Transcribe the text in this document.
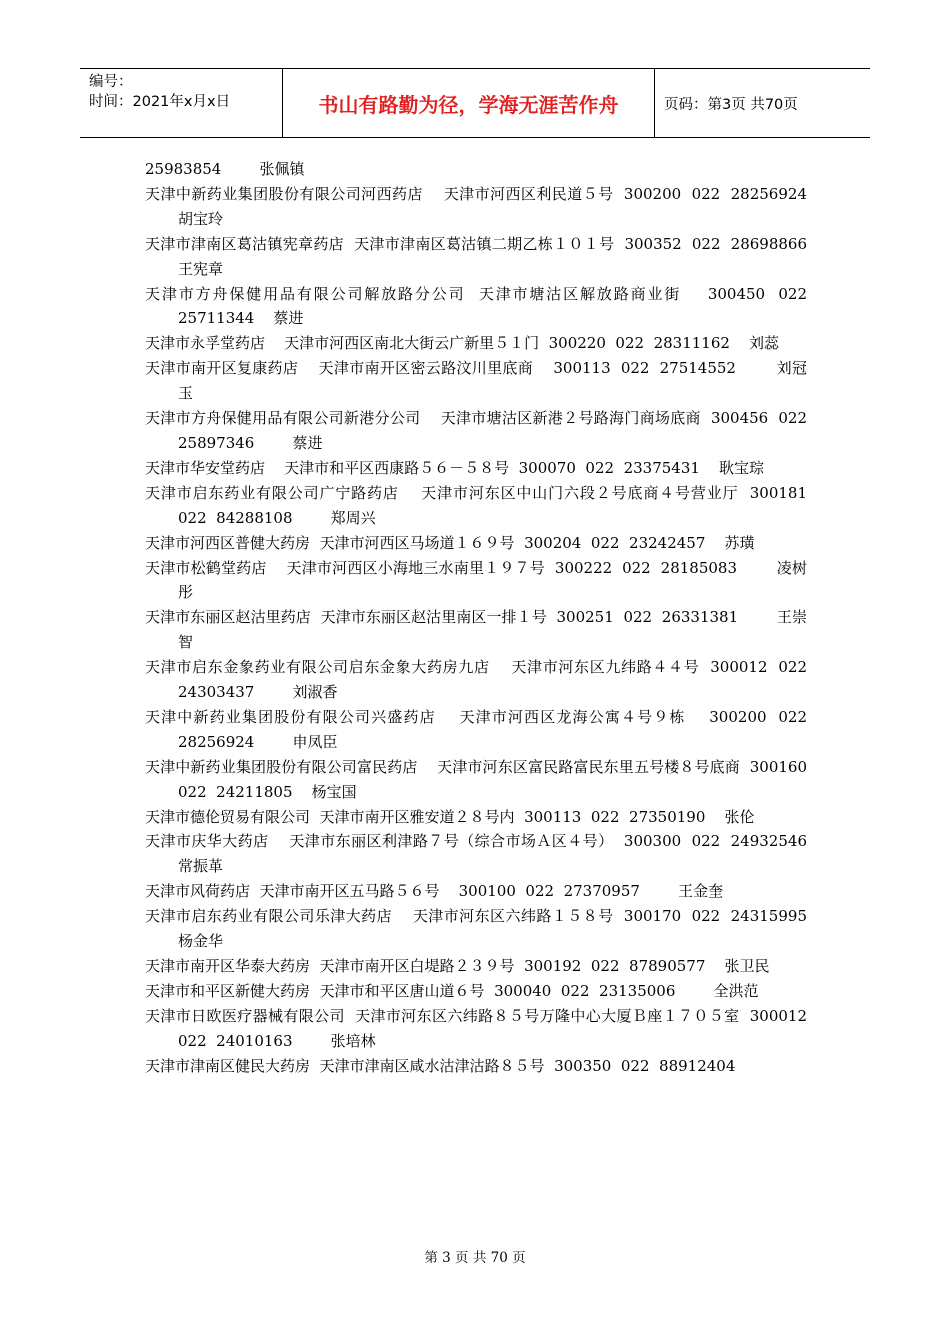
编号：
时间：2021年x月x日	书山有路勤为径，学海无涯苦作舟	页码：第3页 共70页

25983854        张佩镇

天津中新药业集团股份有限公司河西药店    天津市河西区利民道５号  300200  022  28256924        胡宝玲

天津市津南区葛沽镇宪章药店  天津市津南区葛沽镇二期乙栋１０１号  300352  022  28698866        王宪章

天津市方舟保健用品有限公司解放路分公司  天津市塘沽区解放路商业街    300450  022  25711344    蔡进

天津市永孚堂药店    天津市河西区南北大街云广新里５１门  300220  022  28311162    刘蕊

天津市南开区复康药店    天津市南开区密云路汶川里底商    300113  022  27514552        刘冠玉

天津市方舟保健用品有限公司新港分公司    天津市塘沽区新港２号路海门商场底商  300456  022  25897346        蔡进

天津市华安堂药店    天津市和平区西康路５６－５８号  300070  022  23375431    耿宝琮

天津市启东药业有限公司广宁路药店    天津市河东区中山门六段２号底商４号营业厅  300181  022  84288108        郑周兴

天津市河西区普健大药房  天津市河西区马场道１６９号  300204  022  23242457    苏璜

天津市松鹤堂药店    天津市河西区小海地三水南里１９７号  300222  022  28185083        凌树彤

天津市东丽区赵沽里药店  天津市东丽区赵沽里南区一排１号  300251  022  26331381        王崇智

天津市启东金象药业有限公司启东金象大药房九店    天津市河东区九纬路４４号  300012  022  24303437        刘淑香

天津中新药业集团股份有限公司兴盛药店    天津市河西区龙海公寓４号９栋    300200  022  28256924        申凤臣

天津中新药业集团股份有限公司富民药店    天津市河东区富民路富民东里五号楼８号底商  300160  022  24211805    杨宝国

天津市德伦贸易有限公司  天津市南开区雅安道２８号内  300113  022  27350190    张伦

天津市庆华大药店    天津市东丽区利津路７号（综合市场Ａ区４号）  300300  022  24932546        常振革

天津市风荷药店  天津市南开区五马路５６号    300100  022  27370957        王金奎

天津市启东药业有限公司乐津大药店    天津市河东区六纬路１５８号  300170  022  24315995        杨金华

天津市南开区华泰大药房  天津市南开区白堤路２３９号  300192  022  87890577    张卫民

天津市和平区新健大药房  天津市和平区唐山道６号  300040  022  23135006        全洪范

天津市日欧医疗器械有限公司  天津市河东区六纬路８５号万隆中心大厦Ｂ座１７０５室  300012  022  24010163        张培林

天津市津南区健民大药房  天津市津南区咸水沽津沽路８５号  300350  022  88912404

第 3 页 共 70 页
